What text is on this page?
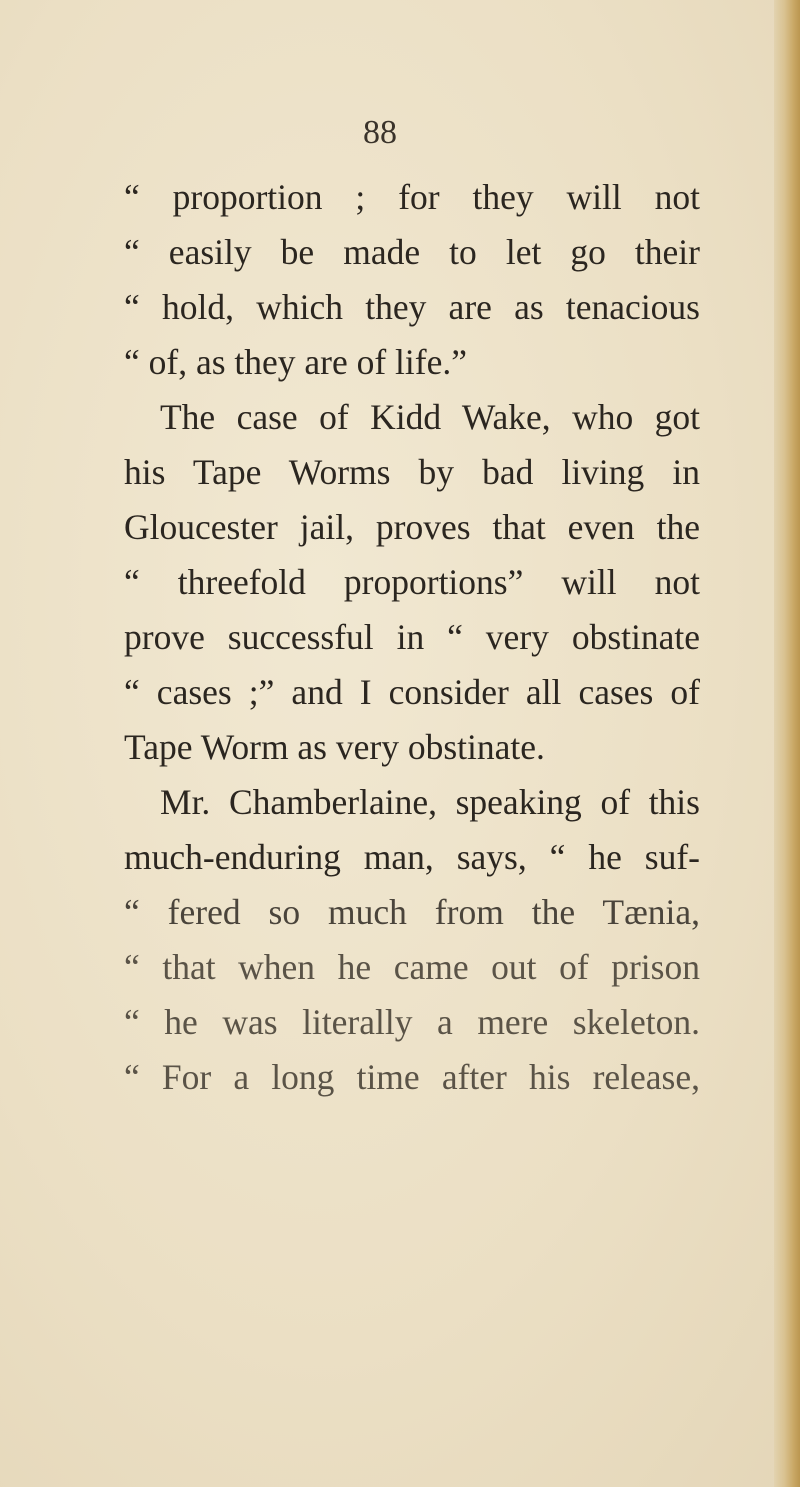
88
“ proportion ; for they will not
“ easily be made to let go their
“ hold, which they are as tenacious
“ of, as they are of life.”
The case of Kidd Wake, who got
his Tape Worms by bad living in
Gloucester jail, proves that even the
“ threefold proportions” will not
prove successful in “ very obstinate
“ cases ;” and I consider all cases of
Tape Worm as very obstinate.
Mr. Chamberlaine, speaking of this
much-enduring man, says, “ he suf-
“ fered so much from the Tænia,
“ that when he came out of prison
“ he was literally a mere skeleton.
“ For a long time after his release,
